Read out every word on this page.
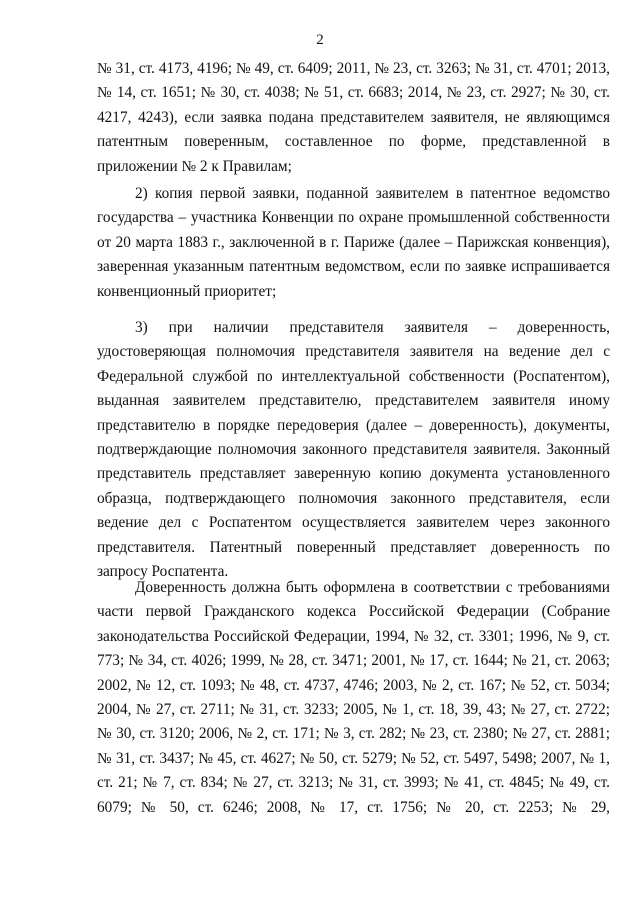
2

№ 31, ст. 4173, 4196; № 49, ст. 6409; 2011, № 23, ст. 3263; № 31, ст. 4701; 2013, № 14, ст. 1651; № 30, ст. 4038; № 51, ст. 6683; 2014, № 23, ст. 2927; № 30, ст. 4217, 4243), если заявка подана представителем заявителя, не являющимся патентным поверенным, составленное по форме, представленной в приложении № 2 к Правилам;

2) копия первой заявки, поданной заявителем в патентное ведомство государства – участника Конвенции по охране промышленной собственности от 20 марта 1883 г., заключенной в г. Париже (далее – Парижская конвенция), заверенная указанным патентным ведомством, если по заявке испрашивается конвенционный приоритет;

3) при наличии представителя заявителя – доверенность, удостоверяющая полномочия представителя заявителя на ведение дел с Федеральной службой по интеллектуальной собственности (Роспатентом), выданная заявителем представителю, представителем заявителя иному представителю в порядке передоверия (далее – доверенность), документы, подтверждающие полномочия законного представителя заявителя. Законный представитель представляет заверенную копию документа установленного образца, подтверждающего полномочия законного представителя, если ведение дел с Роспатентом осуществляется заявителем через законного представителя. Патентный поверенный представляет доверенность по запросу Роспатента.

Доверенность должна быть оформлена в соответствии с требованиями части первой Гражданского кодекса Российской Федерации (Собрание законодательства Российской Федерации, 1994, № 32, ст. 3301; 1996, № 9, ст. 773; № 34, ст. 4026; 1999, № 28, ст. 3471; 2001, № 17, ст. 1644; № 21, ст. 2063; 2002, № 12, ст. 1093; № 48, ст. 4737, 4746; 2003, № 2, ст. 167; № 52, ст. 5034; 2004, № 27, ст. 2711; № 31, ст. 3233; 2005, № 1, ст. 18, 39, 43; № 27, ст. 2722; № 30, ст. 3120; 2006, № 2, ст. 171; № 3, ст. 282; № 23, ст. 2380; № 27, ст. 2881; № 31, ст. 3437; № 45, ст. 4627; № 50, ст. 5279; № 52, ст. 5497, 5498; 2007, № 1, ст. 21; № 7, ст. 834; № 27, ст. 3213; № 31, ст. 3993; № 41, ст. 4845; № 49, ст. 6079; № 50, ст. 6246; 2008, № 17, ст. 1756; № 20, ст. 2253; № 29,
